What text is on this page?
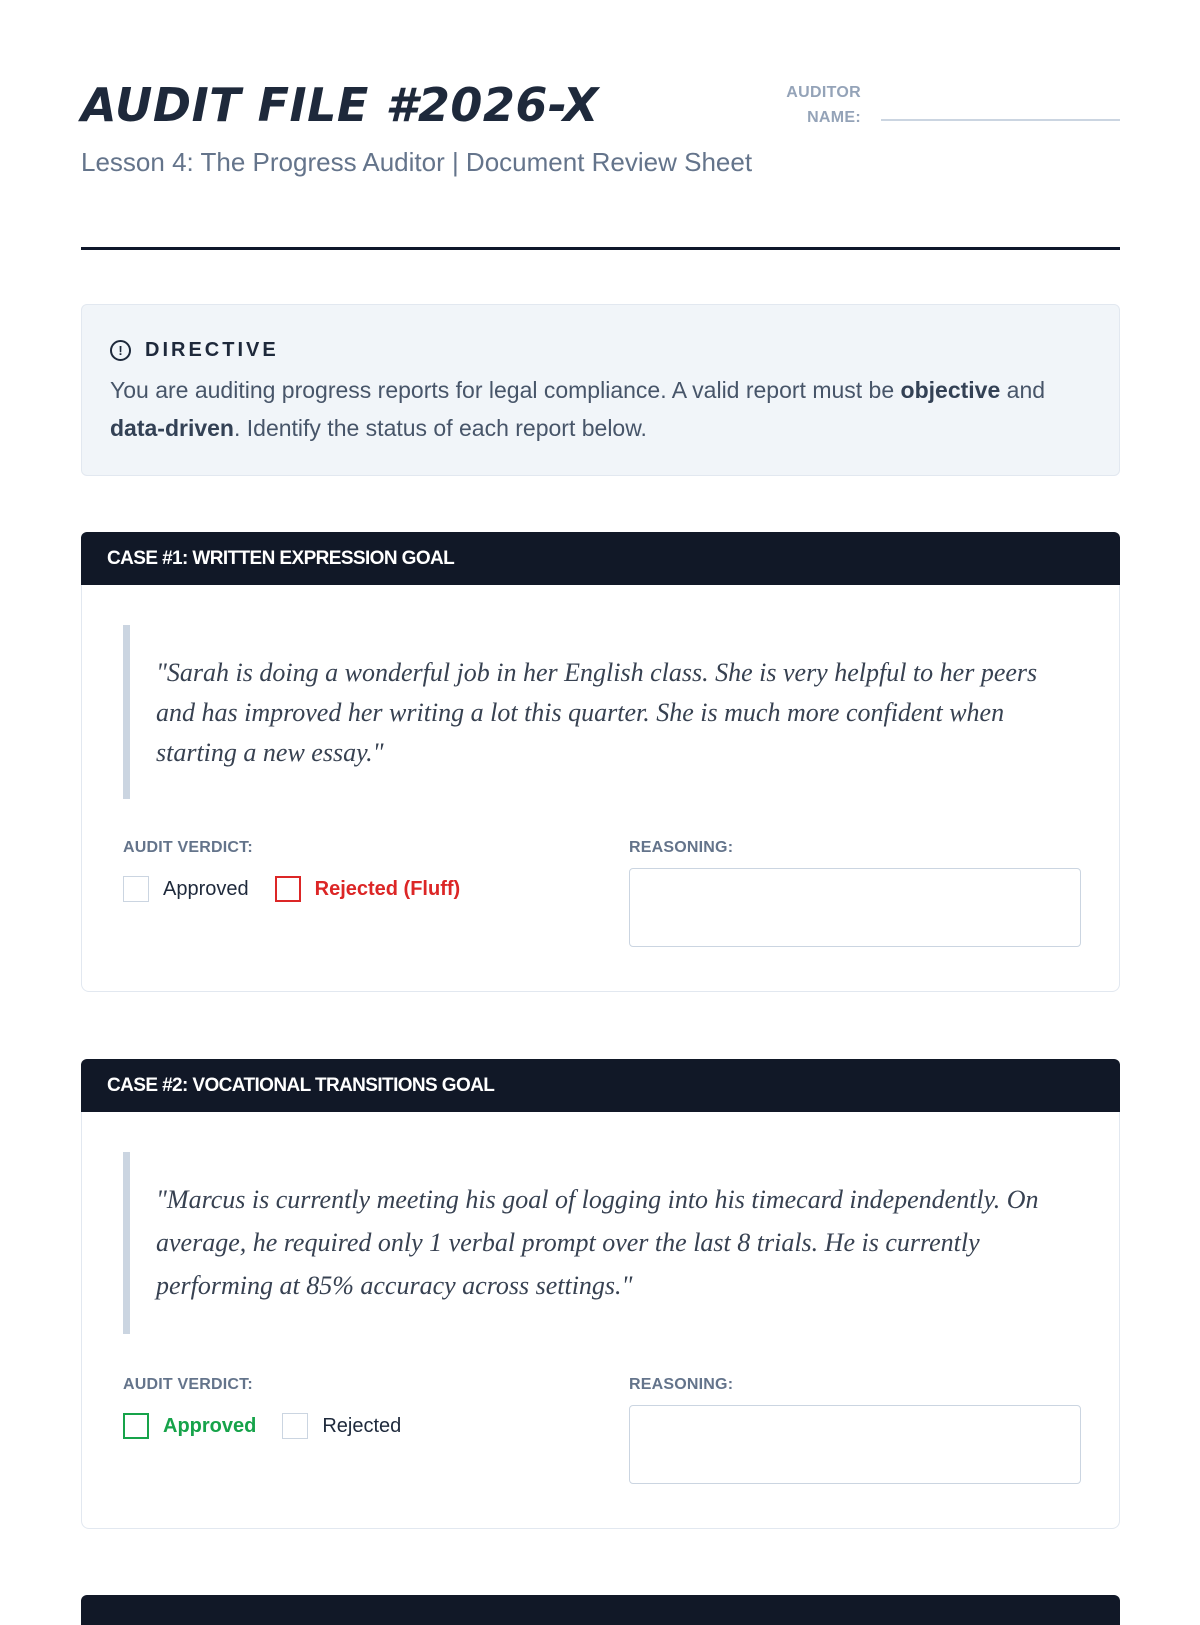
AUDIT FILE #2026-X

Lesson 4: The Progress Auditor | Document Review Sheet

AUDITOR
NAME:
!	DIRECTIVE
You are auditing progress reports for legal compliance. A valid report must be objective and data-driven. Identify the status of each report below.
CASE #1: WRITTEN EXPRESSION GOAL
"Sarah is doing a wonderful job in her English class. She is very helpful to her peers and has improved her writing a lot this quarter. She is much more confident when starting a new essay."
AUDIT VERDICT:
Approved	Rejected (Fluff)
REASONING:
CASE #2: VOCATIONAL TRANSITIONS GOAL
"Marcus is currently meeting his goal of logging into his timecard independently. On average, he required only 1 verbal prompt over the last 8 trials. He is currently performing at 85% accuracy across settings."
AUDIT VERDICT:
Approved	Rejected
REASONING:
